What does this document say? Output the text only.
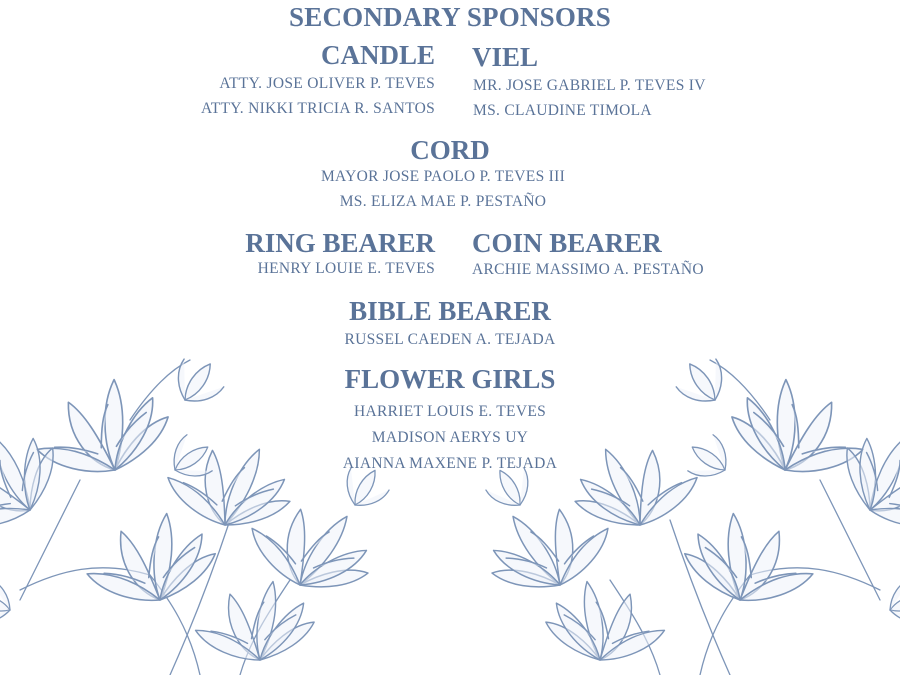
SECONDARY SPONSORS
CANDLE
ATTY. JOSE OLIVER P. TEVES
ATTY. NIKKI TRICIA R. SANTOS
VIEL
MR. JOSE GABRIEL P. TEVES IV
MS. CLAUDINE TIMOLA
CORD
MAYOR JOSE PAOLO P. TEVES III
MS. ELIZA MAE P. PESTAÑO
RING BEARER
HENRY LOUIE E. TEVES
COIN BEARER
ARCHIE MASSIMO A. PESTAÑO
BIBLE BEARER
RUSSEL CAEDEN A. TEJADA
FLOWER GIRLS
HARRIET LOUIS E. TEVES
MADISON AERYS UY
AIANNA MAXENE P. TEJADA
